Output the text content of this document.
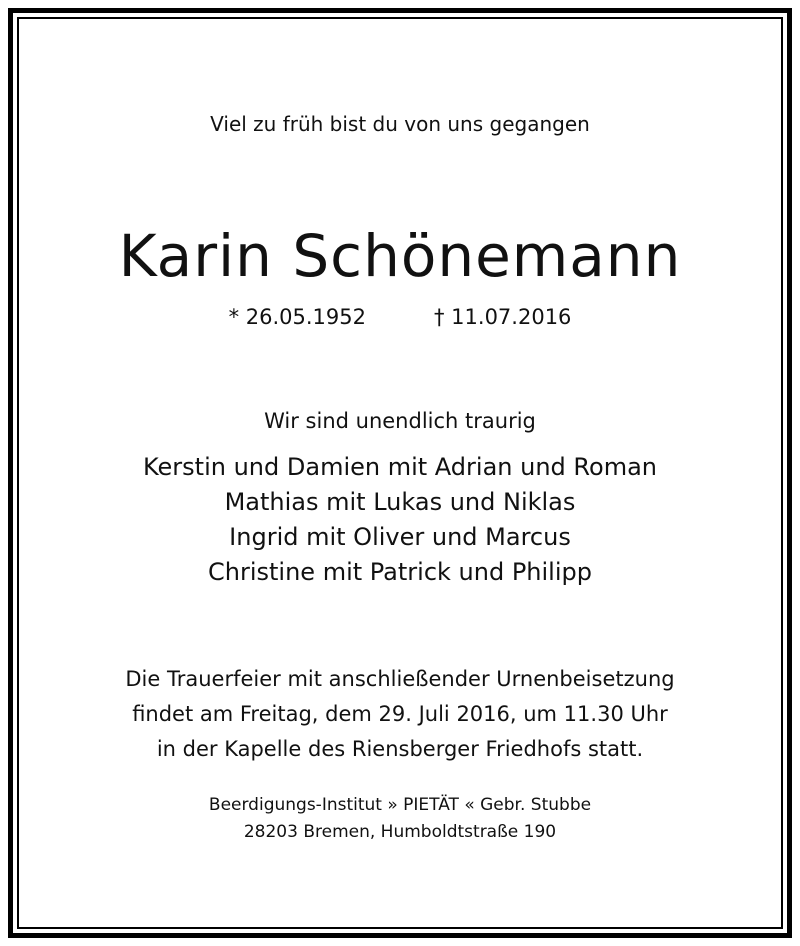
Viel zu früh bist du von uns gegangen
Karin Schönemann
* 26.05.1952	† 11.07.2016
Wir sind unendlich traurig
Kerstin und Damien mit Adrian und Roman
Mathias mit Lukas und Niklas
Ingrid mit Oliver und Marcus
Christine mit Patrick und Philipp
Die Trauerfeier mit anschließender Urnenbeisetzung
findet am Freitag, dem 29. Juli 2016, um 11.30 Uhr
in der Kapelle des Riensberger Friedhofs statt.
Beerdigungs-Institut » PIETÄT « Gebr. Stubbe
28203 Bremen, Humboldtstraße 190
